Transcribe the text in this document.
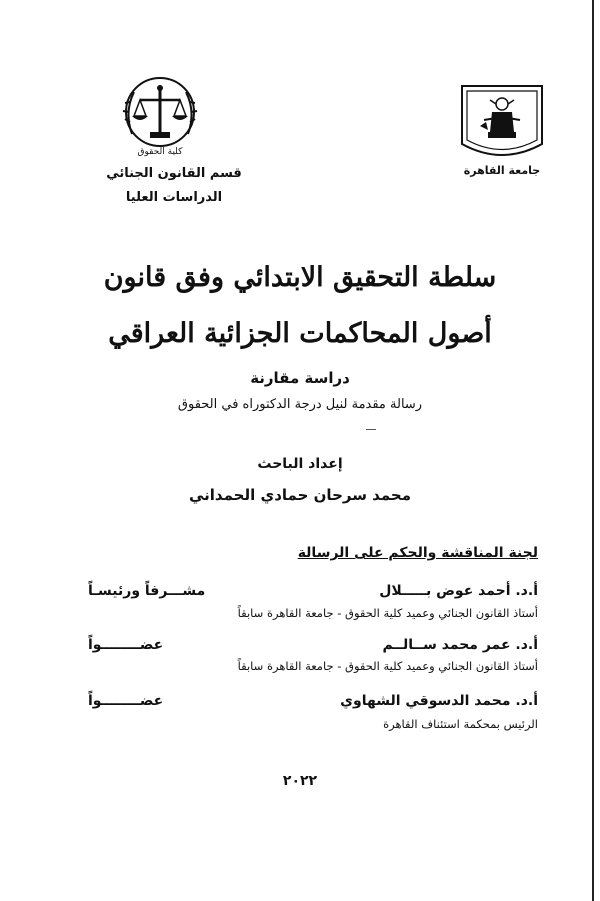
كلية الحقوق
جامعة القاهرة
قسم القانون الجنائي
الدراسات العليا
سلطة التحقيق الابتدائي وفق قانون
أصول المحاكمات الجزائية العراقي
دراسة مقارنة
رسالة مقدمة لنيل درجة الدكتوراه في الحقوق
إعداد الباحث
محمد سرحان حمادي الحمداني
لجنة المناقشة والحكم على الرسالة
أ.د. أحمد عوض بـــــلال
أستاذ القانون الجنائي وعميد كلية الحقوق - جامعة القاهرة سابقاً
مشـــرفاً ورئيسـاً
أ.د. عمر محمد ســالــم
أستاذ القانون الجنائي وعميد كلية الحقوق - جامعة القاهرة سابقاً
عضــــــــواً
أ.د. محمد الدسوقي الشهاوي
الرئيس بمحكمة استئناف القاهرة
عضــــــــواً
٢٠٢٢
